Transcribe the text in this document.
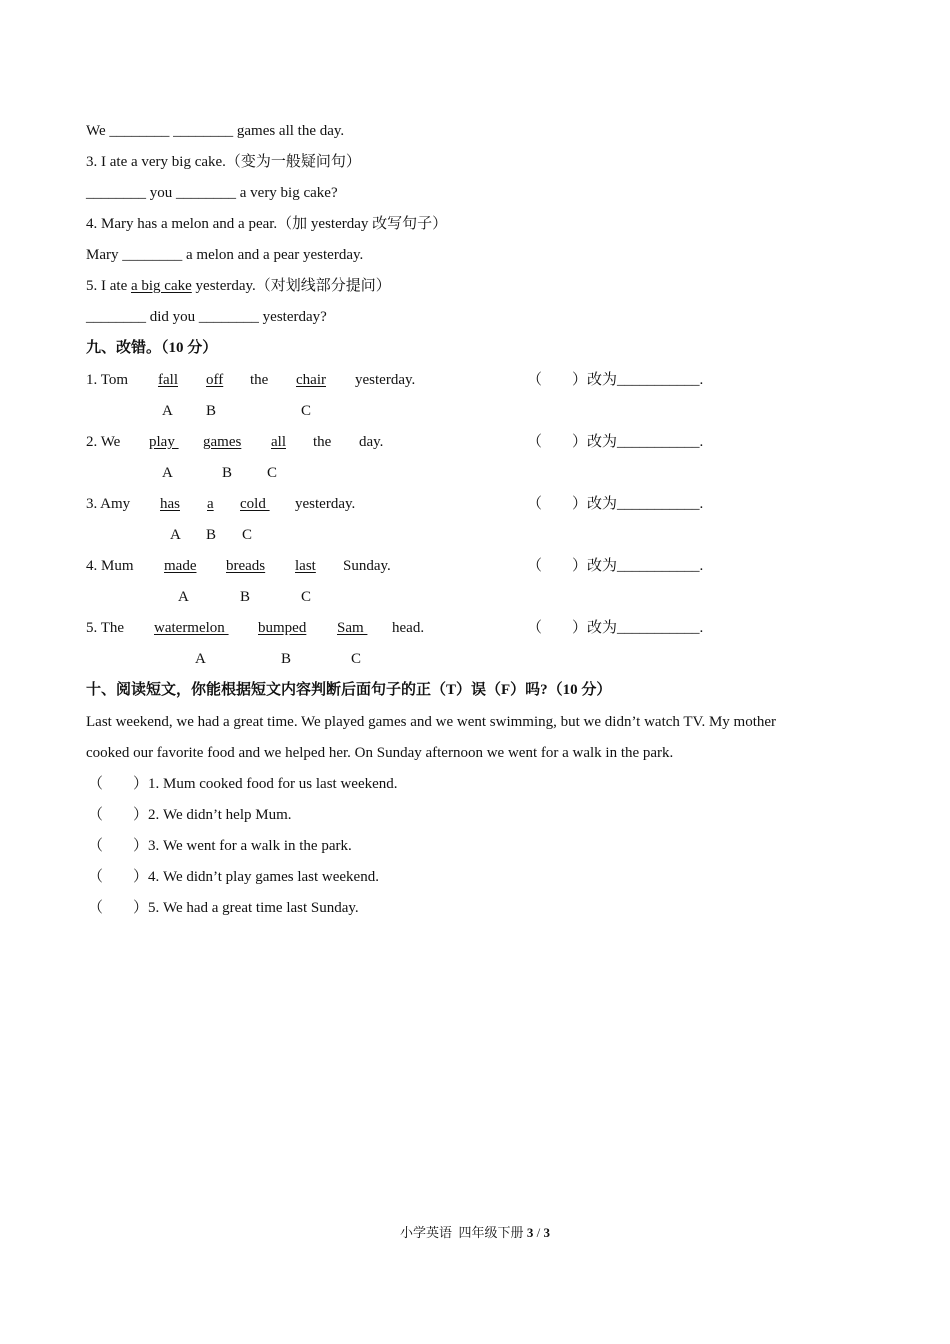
We ________ ________ games all the day.
3. I ate a very big cake.（变为一般疑问句）
________ you ________ a very big cake?
4. Mary has a melon and a pear.（加 yesterday 改写句子）
Mary ________ a melon and a pear yesterday.
5. I ate a big cake yesterday.（对划线部分提问）
________ did you ________ yesterday?
九、改错。（10 分）
1. Tom fall off the chair yesterday.	（        ）改为___________.
A B	C
2. We play games all the day.	（        ）改为___________.
A	B C
3. Amy has a cold yesterday.	（        ）改为___________.
A B C
4. Mum made breads last Sunday.	（        ）改为___________.
A	B	C
5. The watermelon bumped Sam head.	（        ）改为___________.
A	B	C
十、阅读短文，你能根据短文内容判断后面句子的正（T）误（F）吗?（10 分）
Last weekend, we had a great time. We played games and we went swimming, but we didn’t watch TV. My mother
cooked our favorite food and we helped her. On Sunday afternoon we went for a walk in the park.
（        ）1. Mum cooked food for us last weekend.
（        ）2. We didn’t help Mum.
（        ）3. We went for a walk in the park.
（        ）4. We didn’t play games last weekend.
（        ）5. We had a great time last Sunday.
小学英语  四年级下册 3 / 3
